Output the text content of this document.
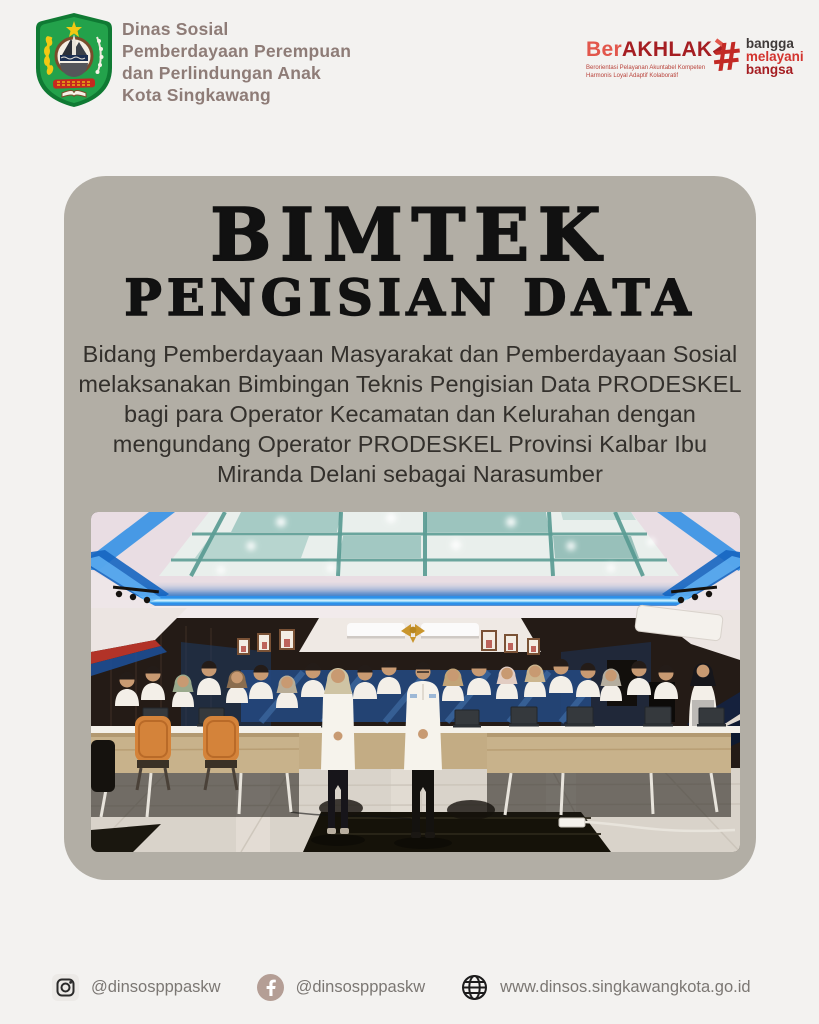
Dinas Sosial
Pemberdayaan Perempuan
dan Perlindungan Anak
Kota Singkawang
BerAKHLAK
Berorientasi Pelayanan Akuntabel Kompeten
Harmonis Loyal Adaptif Kolaboratif # bangga
melayani
bangsa
BIMTEK
PENGISIAN DATA
Bidang Pemberdayaan Masyarakat dan Pemberdayaan Sosial melaksanakan Bimbingan Teknis Pengisian Data PRODESKEL bagi para Operator Kecamatan dan Kelurahan dengan mengundang Operator PRODESKEL Provinsi Kalbar Ibu Miranda Delani sebagai Narasumber
@dinsospppaskw	@dinsospppaskw	www.dinsos.singkawangkota.go.id
